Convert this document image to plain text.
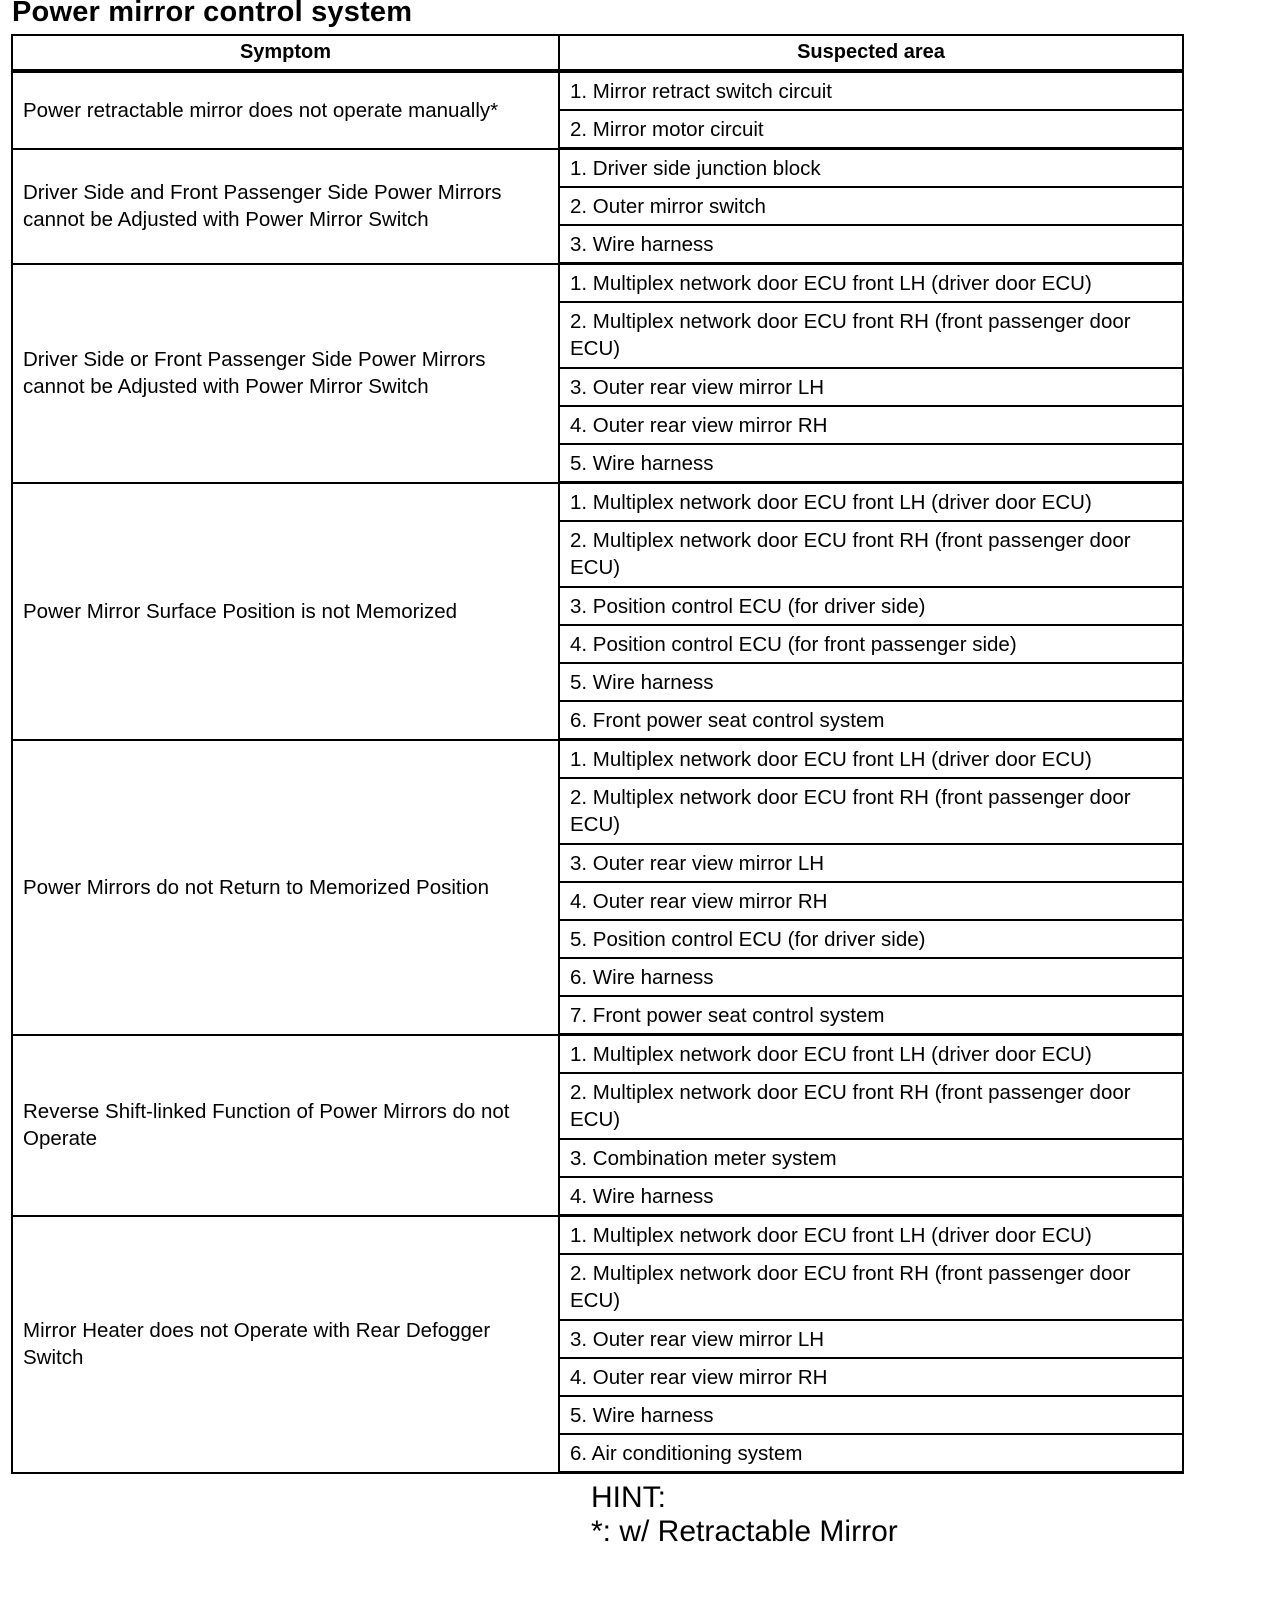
Power mirror control system
Symptom	Suspected area
Power retractable mirror does not operate manually*	1. Mirror retract switch circuit
	2. Mirror motor circuit
Driver Side and Front Passenger Side Power Mirrors cannot be Adjusted with Power Mirror Switch	1. Driver side junction block
	2. Outer mirror switch
	3. Wire harness
Driver Side or Front Passenger Side Power Mirrors cannot be Adjusted with Power Mirror Switch	1. Multiplex network door ECU front LH (driver door ECU)
	2. Multiplex network door ECU front RH (front passenger door ECU)
	3. Outer rear view mirror LH
	4. Outer rear view mirror RH
	5. Wire harness
Power Mirror Surface Position is not Memorized	1. Multiplex network door ECU front LH (driver door ECU)
	2. Multiplex network door ECU front RH (front passenger door ECU)
	3. Position control ECU (for driver side)
	4. Position control ECU (for front passenger side)
	5. Wire harness
	6. Front power seat control system
Power Mirrors do not Return to Memorized Position	1. Multiplex network door ECU front LH (driver door ECU)
	2. Multiplex network door ECU front RH (front passenger door ECU)
	3. Outer rear view mirror LH
	4. Outer rear view mirror RH
	5. Position control ECU (for driver side)
	6. Wire harness
	7. Front power seat control system
Reverse Shift-linked Function of Power Mirrors do not Operate	1. Multiplex network door ECU front LH (driver door ECU)
	2. Multiplex network door ECU front RH (front passenger door ECU)
	3. Combination meter system
	4. Wire harness
Mirror Heater does not Operate with Rear Defogger Switch	1. Multiplex network door ECU front LH (driver door ECU)
	2. Multiplex network door ECU front RH (front passenger door ECU)
	3. Outer rear view mirror LH
	4. Outer rear view mirror RH
	5. Wire harness
	6. Air conditioning system
HINT:
*: w/ Retractable Mirror
